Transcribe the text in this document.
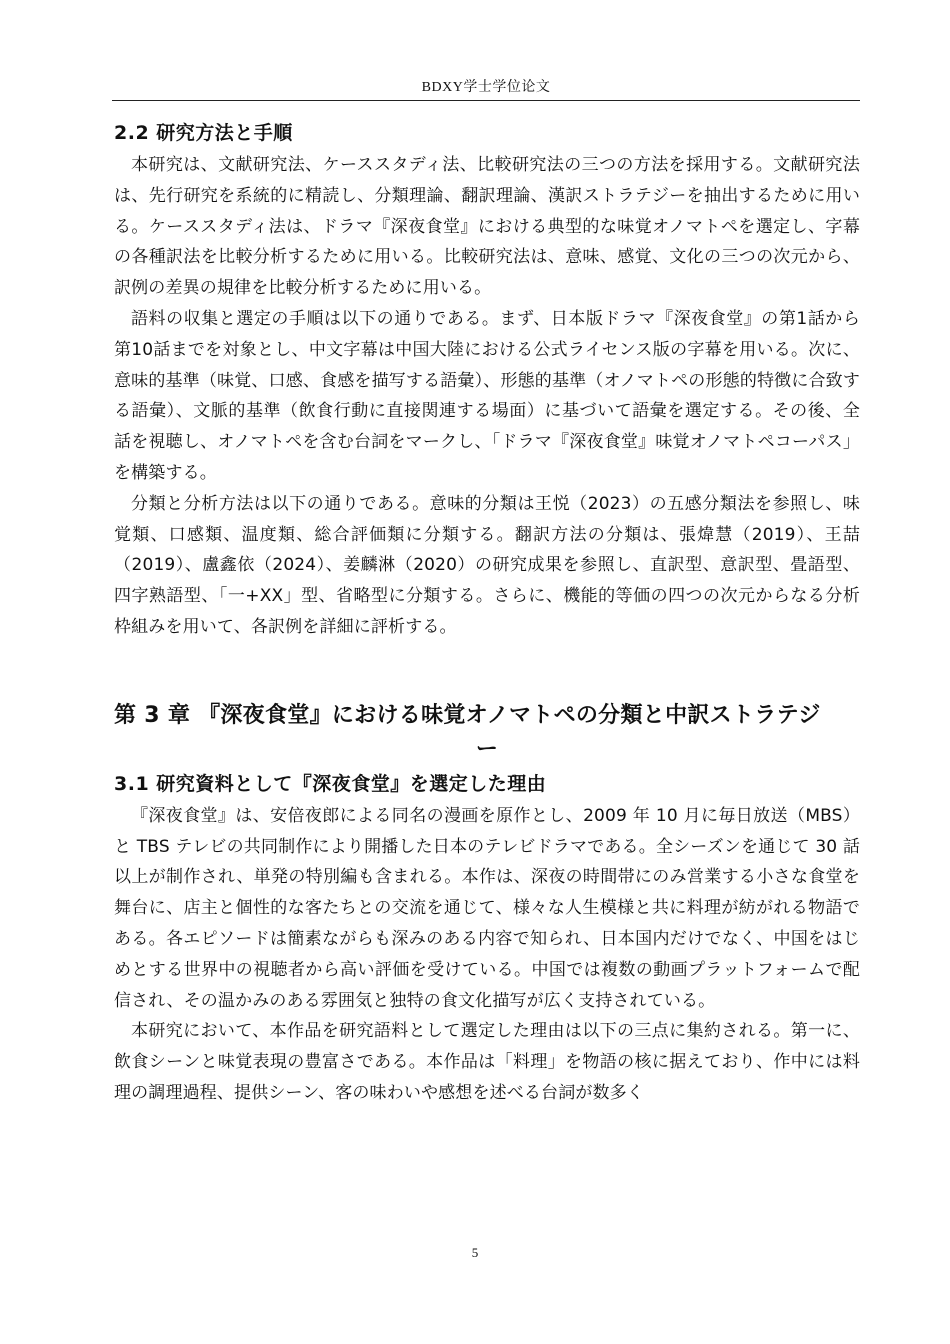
BDXY学士学位论文
2.2 研究方法と手順

本研究は、文献研究法、ケーススタディ法、比較研究法の三つの方法を採用する。文献研究法は、先行研究を系統的に精読し、分類理論、翻訳理論、漢訳ストラテジーを抽出するために用いる。ケーススタディ法は、ドラマ『深夜食堂』における典型的な味覚オノマトペを選定し、字幕の各種訳法を比較分析するために用いる。比較研究法は、意味、感覚、文化の三つの次元から、訳例の差異の規律を比較分析するために用いる。

語料の収集と選定の手順は以下の通りである。まず、日本版ドラマ『深夜食堂』の第1話から第10話までを対象とし、中文字幕は中国大陸における公式ライセンス版の字幕を用いる。次に、意味的基準（味覚、口感、食感を描写する語彙）、形態的基準（オノマトペの形態的特徴に合致する語彙）、文脈的基準（飲食行動に直接関連する場面）に基づいて語彙を選定する。その後、全話を視聴し、オノマトペを含む台詞をマークし、「ドラマ『深夜食堂』味覚オノマトペコーパス」を構築する。

分類と分析方法は以下の通りである。意味的分類は王悦（2023）の五感分類法を参照し、味覚類、口感類、温度類、総合評価類に分類する。翻訳方法の分類は、張煒慧（2019）、王喆（2019）、盧鑫依（2024）、姜麟淋（2020）の研究成果を参照し、直訳型、意訳型、畳語型、四字熟語型、「一+XX」型、省略型に分類する。さらに、機能的等価の四つの次元からなる分析枠組みを用いて、各訳例を詳細に評析する。

第 3 章 『深夜食堂』における味覚オノマトペの分類と中訳ストラテジ
ー
3.1 研究資料として『深夜食堂』を選定した理由

『深夜食堂』は、安倍夜郎による同名の漫画を原作とし、2009 年 10 月に毎日放送（MBS）と TBS テレビの共同制作により開播した日本のテレビドラマである。全シーズンを通じて 30 話以上が制作され、単発の特別編も含まれる。本作は、深夜の時間帯にのみ営業する小さな食堂を舞台に、店主と個性的な客たちとの交流を通じて、様々な人生模様と共に料理が紡がれる物語である。各エピソードは簡素ながらも深みのある内容で知られ、日本国内だけでなく、中国をはじめとする世界中の視聴者から高い評価を受けている。中国では複数の動画プラットフォームで配信され、その温かみのある雰囲気と独特の食文化描写が広く支持されている。

本研究において、本作品を研究語料として選定した理由は以下の三点に集約される。第一に、飲食シーンと味覚表現の豊富さである。本作品は「料理」を物語の核に据えており、作中には料理の調理過程、提供シーン、客の味わいや感想を述べる台詞が数多く

5
